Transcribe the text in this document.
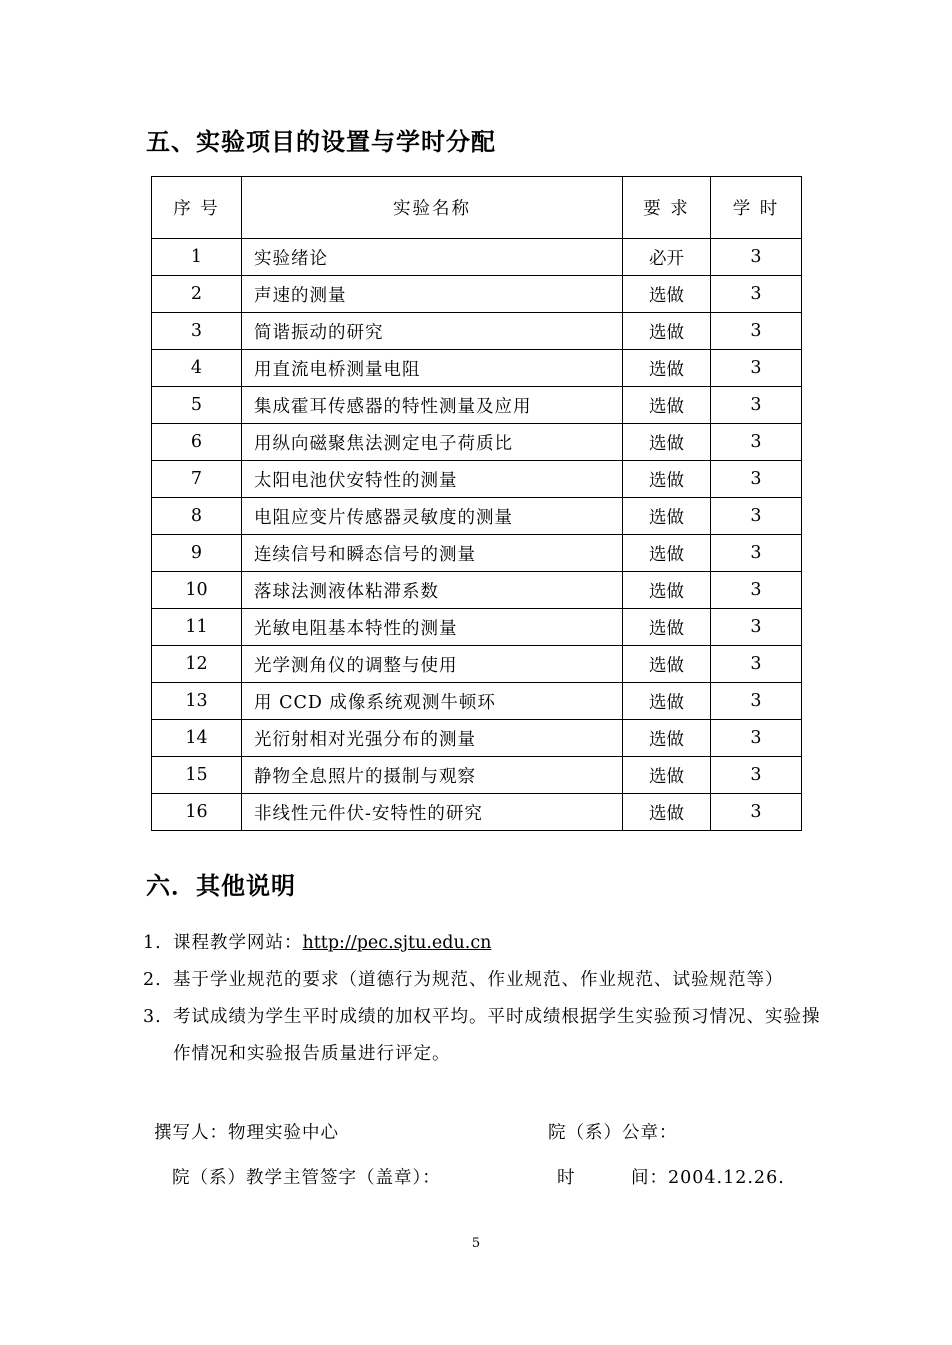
五、实验项目的设置与学时分配
序 号	实验名称	要 求	学 时
1	实验绪论	必开	3
2	声速的测量	选做	3
3	简谐振动的研究	选做	3
4	用直流电桥测量电阻	选做	3
5	集成霍耳传感器的特性测量及应用	选做	3
6	用纵向磁聚焦法测定电子荷质比	选做	3
7	太阳电池伏安特性的测量	选做	3
8	电阻应变片传感器灵敏度的测量	选做	3
9	连续信号和瞬态信号的测量	选做	3
10	落球法测液体粘滞系数	选做	3
11	光敏电阻基本特性的测量	选做	3
12	光学测角仪的调整与使用	选做	3
13	用 CCD 成像系统观测牛顿环	选做	3
14	光衍射相对光强分布的测量	选做	3
15	静物全息照片的摄制与观察	选做	3
16	非线性元件伏-安特性的研究	选做	3
六．其他说明
1. 课程教学网站：http://pec.sjtu.edu.cn
2. 基于学业规范的要求（道德行为规范、作业规范、作业规范、试验规范等）
3. 考试成绩为学生平时成绩的加权平均。平时成绩根据学生实验预习情况、实验操作情况和实验报告质量进行评定。
撰写人：物理实验中心	院（系）公章：
院（系）教学主管签字（盖章）：	时　　　间：2004.12.26.
5
